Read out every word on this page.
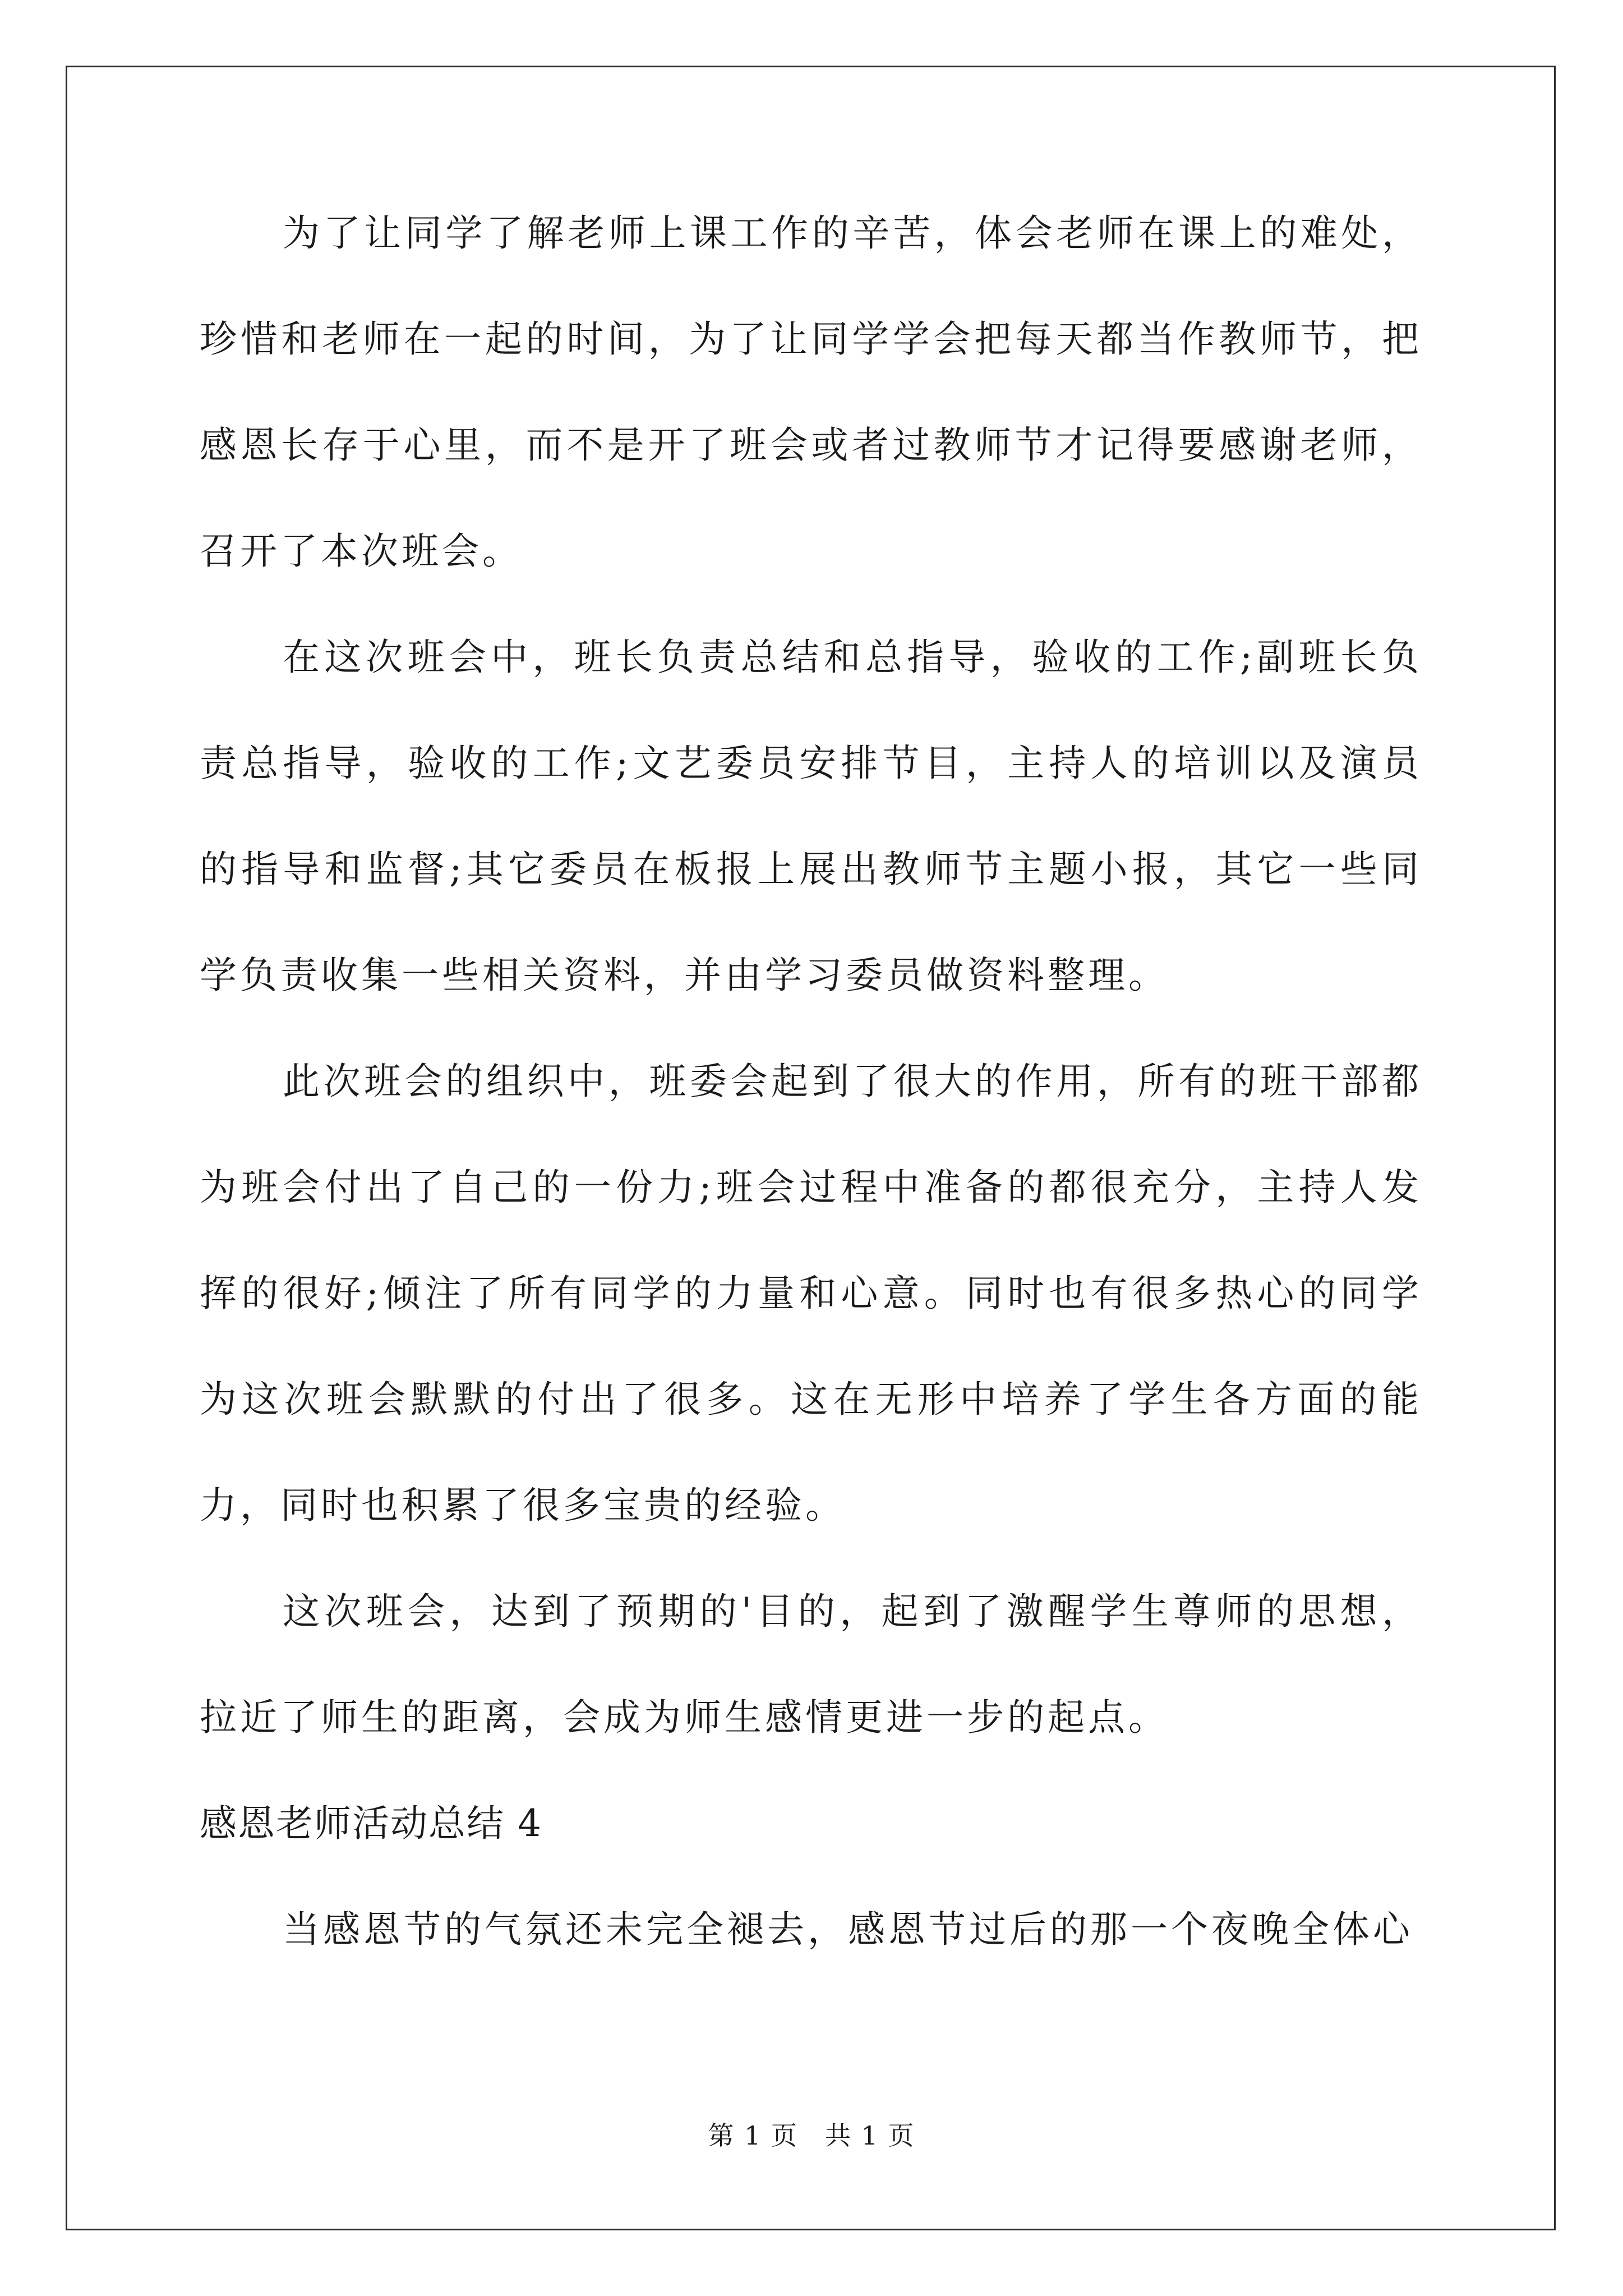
为了让同学了解老师上课工作的辛苦，体会老师在课上的难处，珍惜和老师在一起的时间，为了让同学学会把每天都当作教师节，把感恩长存于心里，而不是开了班会或者过教师节才记得要感谢老师，召开了本次班会。

在这次班会中，班长负责总结和总指导，验收的工作;副班长负责总指导，验收的工作;文艺委员安排节目，主持人的培训以及演员的指导和监督;其它委员在板报上展出教师节主题小报，其它一些同学负责收集一些相关资料，并由学习委员做资料整理。

此次班会的组织中，班委会起到了很大的作用，所有的班干部都为班会付出了自己的一份力;班会过程中准备的都很充分，主持人发挥的很好;倾注了所有同学的力量和心意。同时也有很多热心的同学为这次班会默默的付出了很多。这在无形中培养了学生各方面的能力，同时也积累了很多宝贵的经验。

这次班会，达到了预期的'目的，起到了激醒学生尊师的思想，拉近了师生的距离，会成为师生感情更进一步的起点。

感恩老师活动总结 4

当感恩节的气氛还未完全褪去，感恩节过后的那一个夜晚全体心

第 1 页　共 1 页
